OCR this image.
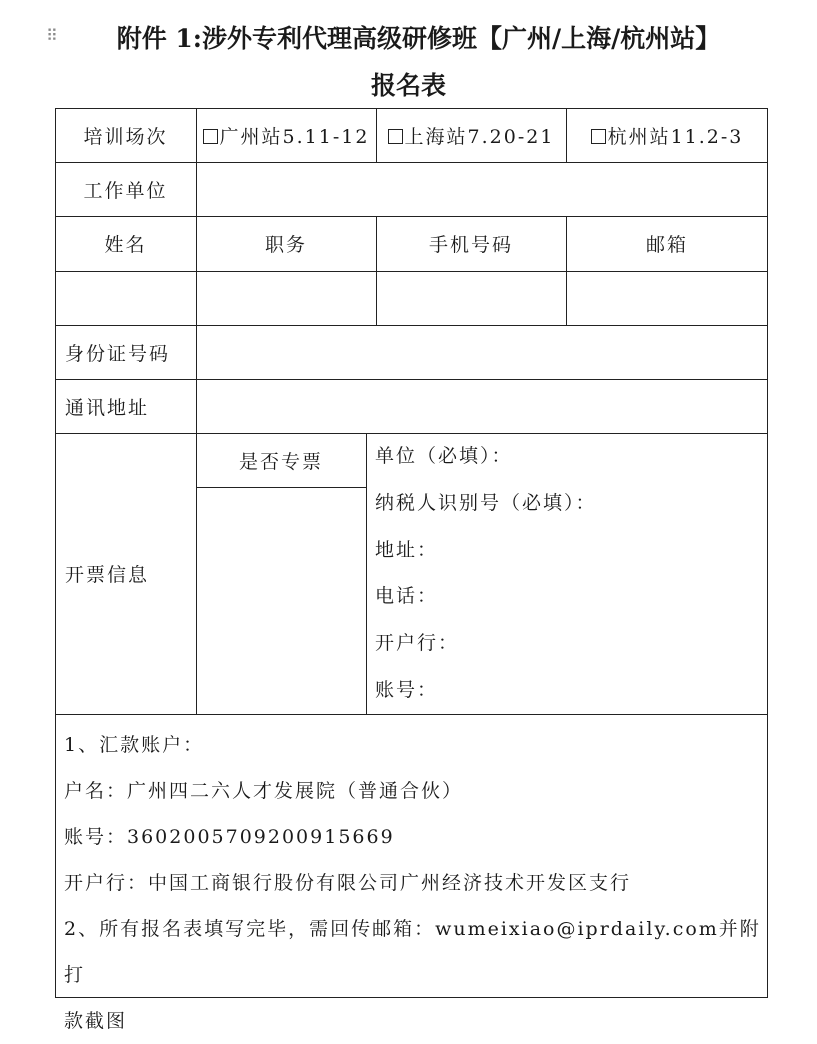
⠿	附件 1:涉外专利代理高级研修班【广州/上海/杭州站】
报名表
培训场次	广州站5.11-12 上海站7.20-21	杭州站11.2-3
工作单位
姓名	职务	手机号码	邮箱
身份证号码
通讯地址
开票信息
是否专票	单位（必填）：
纳税人识别号（必填）：
地址：
电话：
开户行：
账号：
1、汇款账户：
户名：广州四二六人才发展院（普通合伙）
账号：3602005709200915669
开户行：中国工商银行股份有限公司广州经济技术开发区支行
2、所有报名表填写完毕，需回传邮箱：wumeixiao@iprdaily.com并附打
款截图
